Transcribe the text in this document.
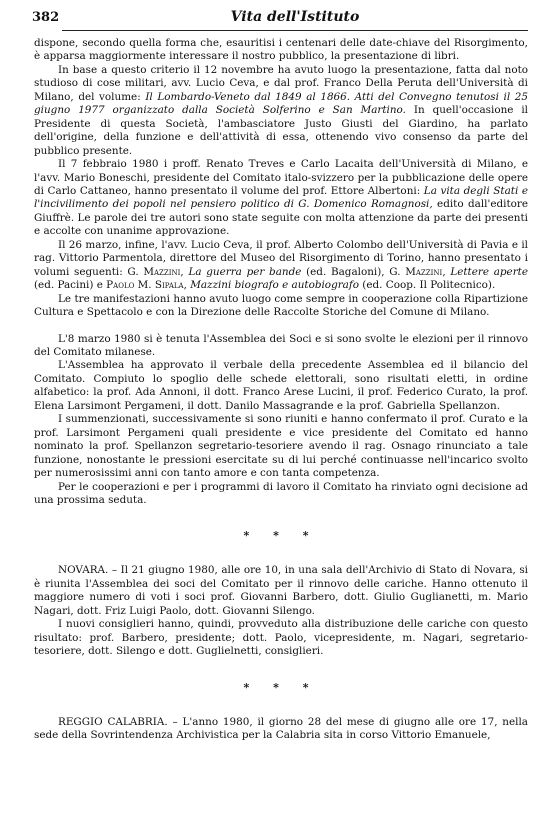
382	Vita dell'Istituto

dispone, secondo quella forma che, esauritisi i centenari delle date-chiave del Risorgimento, è apparsa maggiormente interessare il nostro pubblico, la presentazione di libri.

In base a questo criterio il 12 novembre ha avuto luogo la presentazione, fatta dal noto studioso di cose militari, avv. Lucio Ceva, e dal prof. Franco Della Peruta dell'Università di Milano, del volume: Il Lombardo-Veneto dal 1849 al 1866. Atti del Convegno tenutosi il 25 giugno 1977 organizzato dalla Società Solferino e San Martino. In quell'occasione il Presidente di questa Società, l'ambasciatore Justo Giusti del Giardino, ha parlato dell'origine, della funzione e dell'attività di essa, ottenendo vivo consenso da parte del pubblico presente.

Il 7 febbraio 1980 i proff. Renato Treves e Carlo Lacaita dell'Università di Milano, e l'avv. Mario Boneschi, presidente del Comitato italo-svizzero per la pubblicazione delle opere di Carlo Cattaneo, hanno presentato il volume del prof. Ettore Albertoni: La vita degli Stati e l'incivilimento dei popoli nel pensiero politico di G. Domenico Romagnosi, edito dall'editore Giuffrè. Le parole dei tre autori sono state seguite con molta attenzione da parte dei presenti e accolte con unanime approvazione.

Il 26 marzo, infine, l'avv. Lucio Ceva, il prof. Alberto Colombo dell'Università di Pavia e il rag. Vittorio Parmentola, direttore del Museo del Risorgimento di Torino, hanno presentato i volumi seguenti: G. Mazzini, La guerra per bande (ed. Bagaloni), G. Mazzini, Lettere aperte (ed. Pacini) e Paolo M. Sipala, Mazzini biografo e autobiografo (ed. Coop. Il Politecnico).

Le tre manifestazioni hanno avuto luogo come sempre in cooperazione colla Ripartizione Cultura e Spettacolo e con la Direzione delle Raccolte Storiche del Comune di Milano.

L'8 marzo 1980 si è tenuta l'Assemblea dei Soci e si sono svolte le elezioni per il rinnovo del Comitato milanese.

L'Assemblea ha approvato il verbale della precedente Assemblea ed il bilancio del Comitato. Compiuto lo spoglio delle schede elettorali, sono risultati eletti, in ordine alfabetico: la prof. Ada Annoni, il dott. Franco Arese Lucini, il prof. Federico Curato, la prof. Elena Larsimont Pergameni, il dott. Danilo Massagrande e la prof. Gabriella Spellanzon.

I summenzionati, successivamente si sono riuniti e hanno confermato il prof. Curato e la prof. Larsimont Pergameni quali presidente e vice presidente del Comitato ed hanno nominato la prof. Spellanzon segretario-tesoriere avendo il rag. Osnago rinunciato a tale funzione, nonostante le pressioni esercitate su di lui perché continuasse nell'incarico svolto per numerosissimi anni con tanto amore e con tanta competenza.

Per le cooperazioni e per i programmi di lavoro il Comitato ha rinviato ogni decisione ad una prossima seduta.

* * *

NOVARA. – Il 21 giugno 1980, alle ore 10, in una sala dell'Archivio di Stato di Novara, si è riunita l'Assemblea dei soci del Comitato per il rinnovo delle cariche. Hanno ottenuto il maggiore numero di voti i soci prof. Giovanni Barbero, dott. Giulio Guglianetti, m. Mario Nagari, dott. Friz Luigi Paolo, dott. Giovanni Silengo.

I nuovi consiglieri hanno, quindi, provveduto alla distribuzione delle cariche con questo risultato: prof. Barbero, presidente; dott. Paolo, vicepresidente, m. Nagari, segretario-tesoriere, dott. Silengo e dott. Guglielnetti, consiglieri.

* * *

REGGIO CALABRIA. – L'anno 1980, il giorno 28 del mese di giugno alle ore 17, nella sede della Sovrintendenza Archivistica per la Calabria sita in corso Vittorio Emanuele,
